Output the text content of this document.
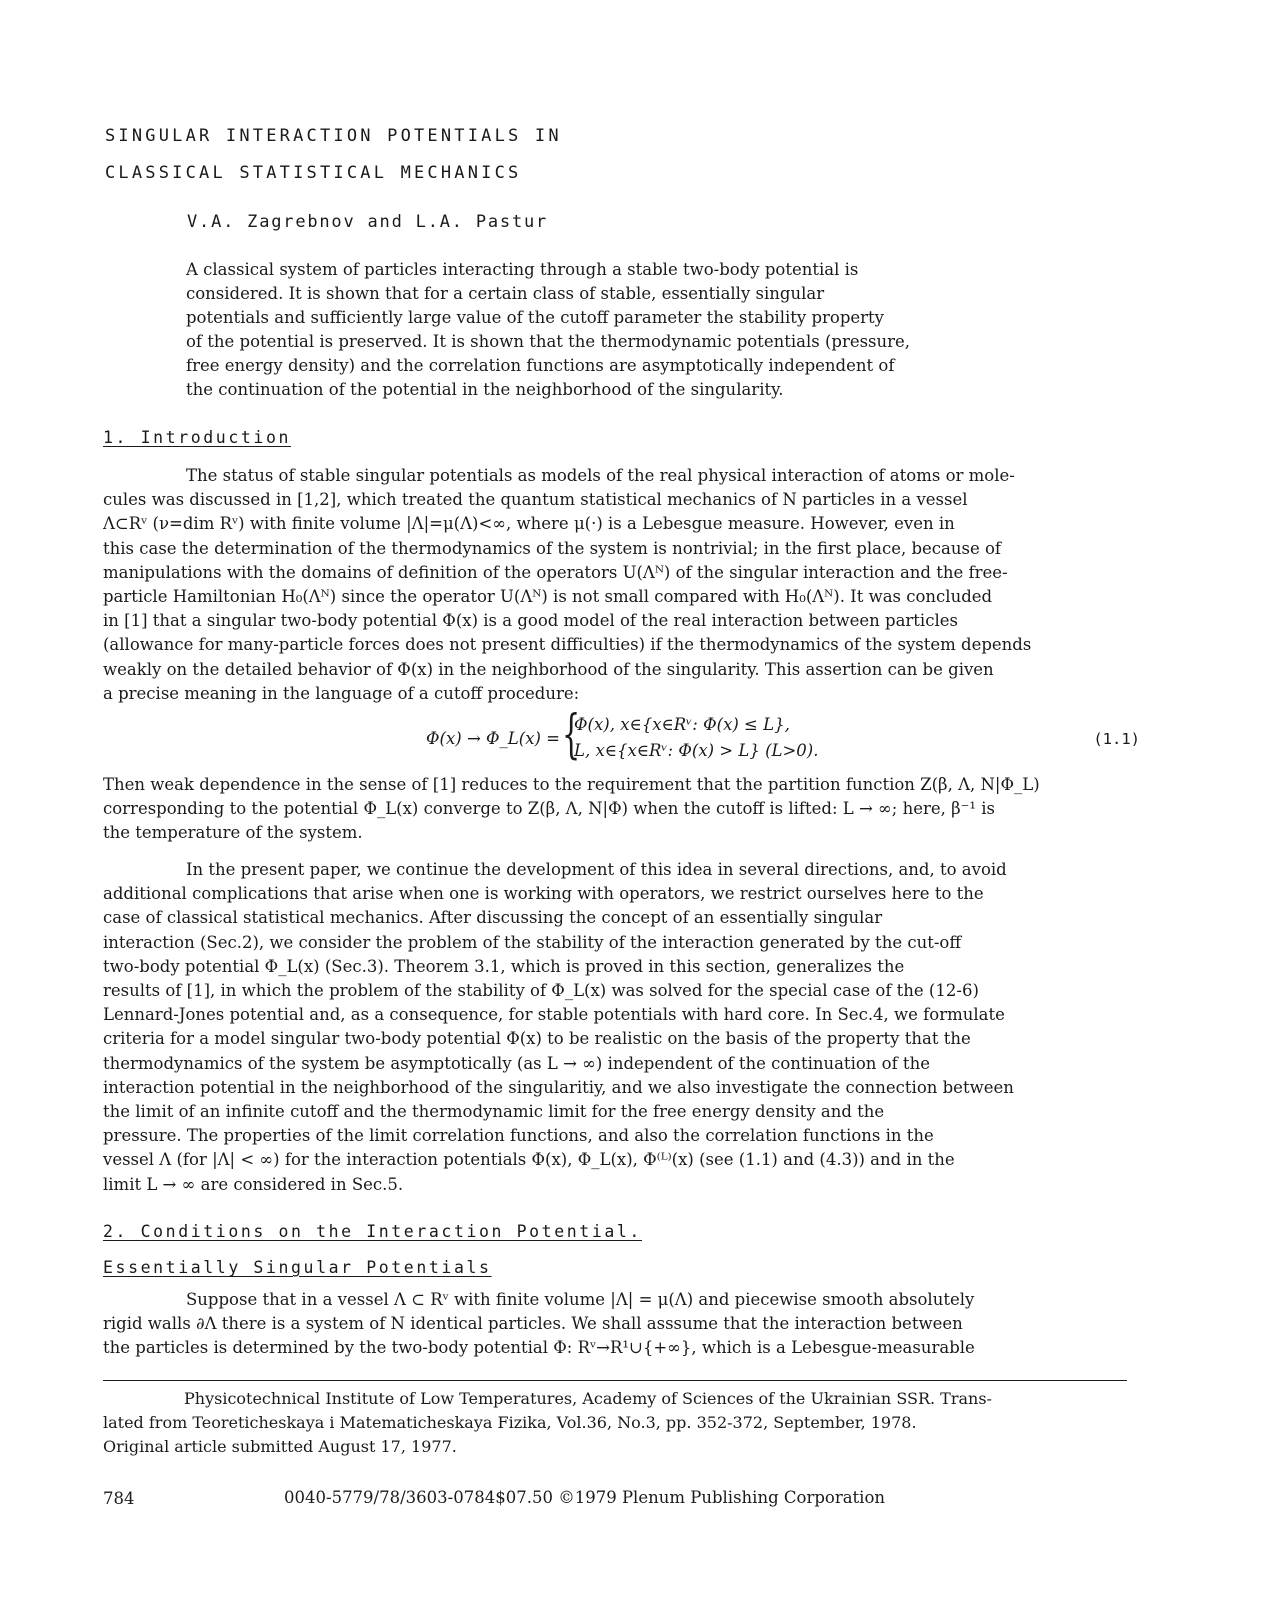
SINGULAR INTERACTION POTENTIALS IN
CLASSICAL STATISTICAL MECHANICS
V.A. Zagrebnov and L.A. Pastur
A classical system of particles interacting through a stable two-body potential is
considered. It is shown that for a certain class of stable, essentially singular
potentials and sufficiently large value of the cutoff parameter the stability property
of the potential is preserved. It is shown that the thermodynamic potentials (pressure,
free energy density) and the correlation functions are asymptotically independent of
the continuation of the potential in the neighborhood of the singularity.
1. Introduction
The status of stable singular potentials as models of the real physical interaction of atoms or mole-
cules was discussed in [1,2], which treated the quantum statistical mechanics of N particles in a vessel
Λ⊂Rᵛ (ν=dim Rᵛ) with finite volume |Λ|=μ(Λ)<∞, where μ(·) is a Lebesgue measure. However, even in
this case the determination of the thermodynamics of the system is nontrivial; in the first place, because of
manipulations with the domains of definition of the operators U(Λᴺ) of the singular interaction and the free-
particle Hamiltonian H₀(Λᴺ) since the operator U(Λᴺ) is not small compared with H₀(Λᴺ). It was concluded
in [1] that a singular two-body potential Φ(x) is a good model of the real interaction between particles
(allowance for many-particle forces does not present difficulties) if the thermodynamics of the system depends
weakly on the detailed behavior of Φ(x) in the neighborhood of the singularity. This assertion can be given
a precise meaning in the language of a cutoff procedure:
Φ(x) → Φ_L(x) = {
Φ(x), x∈{x∈Rᵛ: Φ(x) ≤ L},
L, x∈{x∈Rᵛ: Φ(x) > L} (L>0).
(1.1)
Then weak dependence in the sense of [1] reduces to the requirement that the partition function Z(β, Λ, N|Φ_L)
corresponding to the potential Φ_L(x) converge to Z(β, Λ, N|Φ) when the cutoff is lifted: L → ∞; here, β⁻¹ is
the temperature of the system.
In the present paper, we continue the development of this idea in several directions, and, to avoid
additional complications that arise when one is working with operators, we restrict ourselves here to the
case of classical statistical mechanics. After discussing the concept of an essentially singular
interaction (Sec.2), we consider the problem of the stability of the interaction generated by the cut-off
two-body potential Φ_L(x) (Sec.3). Theorem 3.1, which is proved in this section, generalizes the
results of [1], in which the problem of the stability of Φ_L(x) was solved for the special case of the (12-6)
Lennard-Jones potential and, as a consequence, for stable potentials with hard core. In Sec.4, we formulate
criteria for a model singular two-body potential Φ(x) to be realistic on the basis of the property that the
thermodynamics of the system be asymptotically (as L → ∞) independent of the continuation of the
interaction potential in the neighborhood of the singularitiy, and we also investigate the connection between
the limit of an infinite cutoff and the thermodynamic limit for the free energy density and the
pressure. The properties of the limit correlation functions, and also the correlation functions in the
vessel Λ (for |Λ| < ∞) for the interaction potentials Φ(x), Φ_L(x), Φ⁽ᴸ⁾(x) (see (1.1) and (4.3)) and in the
limit L → ∞ are considered in Sec.5.
2. Conditions on the Interaction Potential.
Essentially Singular Potentials
Suppose that in a vessel Λ ⊂ Rᵛ with finite volume |Λ| = μ(Λ) and piecewise smooth absolutely
rigid walls ∂Λ there is a system of N identical particles. We shall asssume that the interaction between
the particles is determined by the two-body potential Φ: Rᵛ→R¹∪{+∞}, which is a Lebesgue-measurable
Physicotechnical Institute of Low Temperatures, Academy of Sciences of the Ukrainian SSR. Trans-
lated from Teoreticheskaya i Matematicheskaya Fizika, Vol.36, No.3, pp. 352-372, September, 1978.
Original article submitted August 17, 1977.
784	0040-5779/78/3603-0784$07.50 ©1979 Plenum Publishing Corporation
